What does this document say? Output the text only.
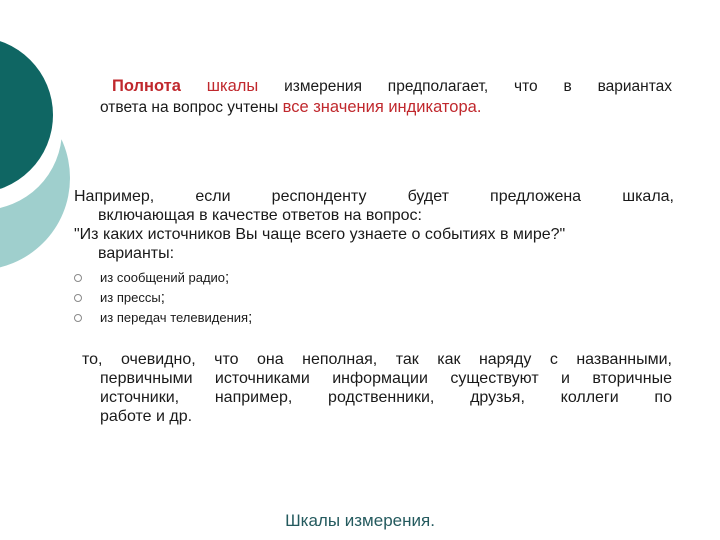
Полнота шкалы измерения предполагает, что в вариантах
ответа на вопрос учтены все значения индикатора.
Например, если респонденту будет предложена шкала,
включающая в качестве ответов на вопрос:
"Из каких источников Вы чаще всего узнаете о событиях в мире?"
варианты:
из сообщений радио;
из прессы;
из передач телевидения;
то, очевидно, что она неполная, так как наряду с названными,
первичными источниками информации существуют и вторичные
источники, например, родственники, друзья, коллеги по
работе и др.
Шкалы измерения.
